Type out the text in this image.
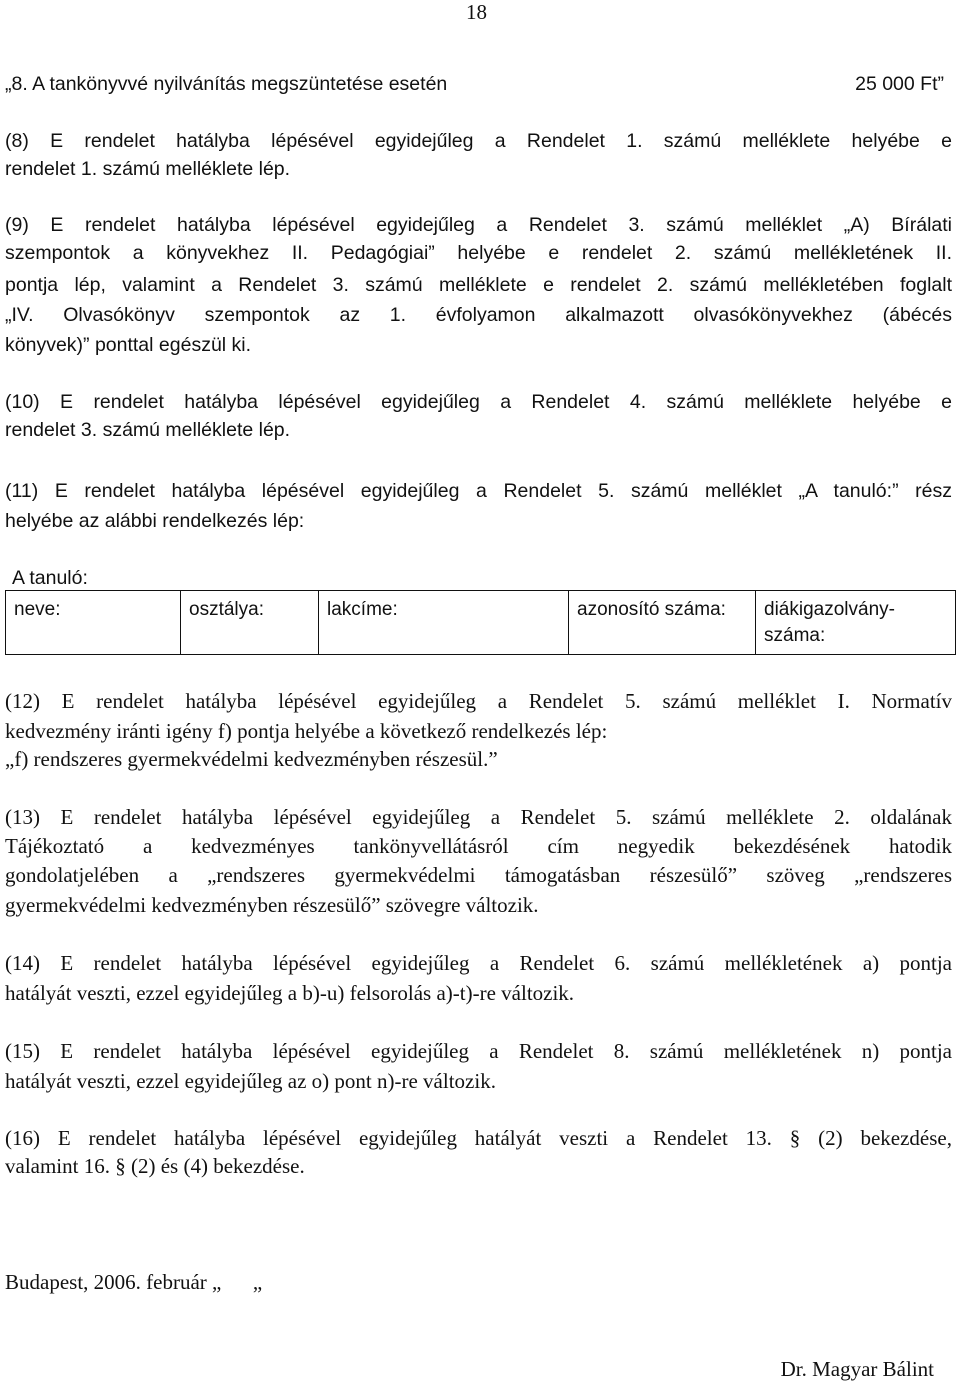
18
„8. A tankönyvvé nyilvánítás megszüntetése esetén	25 000 Ft”
(8) E rendelet hatályba lépésével egyidejűleg a Rendelet 1. számú melléklete helyébe e
rendelet 1. számú melléklete lép.
(9) E rendelet hatályba lépésével egyidejűleg a Rendelet 3. számú melléklet „A) Bírálati
szempontok a könyvekhez II. Pedagógiai” helyébe e rendelet 2. számú mellékletének II.
pontja lép, valamint a Rendelet 3. számú melléklete e rendelet 2. számú mellékletében foglalt
„IV. Olvasókönyv szempontok az 1. évfolyamon alkalmazott olvasókönyvekhez (ábécés
könyvek)” ponttal egészül ki.
(10) E rendelet hatályba lépésével egyidejűleg a Rendelet 4. számú melléklete helyébe e
rendelet 3. számú melléklete lép.
(11) E rendelet hatályba lépésével egyidejűleg a Rendelet 5. számú melléklet „A tanuló:” rész
helyébe az alábbi rendelkezés lép:
A tanuló:
neve:	osztálya:	lakcíme:	azonosító száma:	diákigazolvány-száma:
(12) E rendelet hatályba lépésével egyidejűleg a Rendelet 5. számú melléklet I. Normatív
kedvezmény iránti igény f) pontja helyébe a következő rendelkezés lép:
„f) rendszeres gyermekvédelmi kedvezményben részesül.”
(13) E rendelet hatályba lépésével egyidejűleg a Rendelet 5. számú melléklete 2. oldalának
Tájékoztató a kedvezményes tankönyvellátásról cím negyedik bekezdésének hatodik
gondolatjelében a „rendszeres gyermekvédelmi támogatásban részesülő” szöveg „rendszeres
gyermekvédelmi kedvezményben részesülő” szövegre változik.
(14) E rendelet hatályba lépésével egyidejűleg a Rendelet 6. számú mellékletének a) pontja
hatályát veszti, ezzel egyidejűleg a b)-u) felsorolás a)-t)-re változik.
(15) E rendelet hatályba lépésével egyidejűleg a Rendelet 8. számú mellékletének n) pontja
hatályát veszti, ezzel egyidejűleg az o) pont n)-re változik.
(16) E rendelet hatályba lépésével egyidejűleg hatályát veszti a Rendelet 13. § (2) bekezdése,
valamint 16. § (2) és (4) bekezdése.
Budapest, 2006. február „      „
Dr. Magyar Bálint
